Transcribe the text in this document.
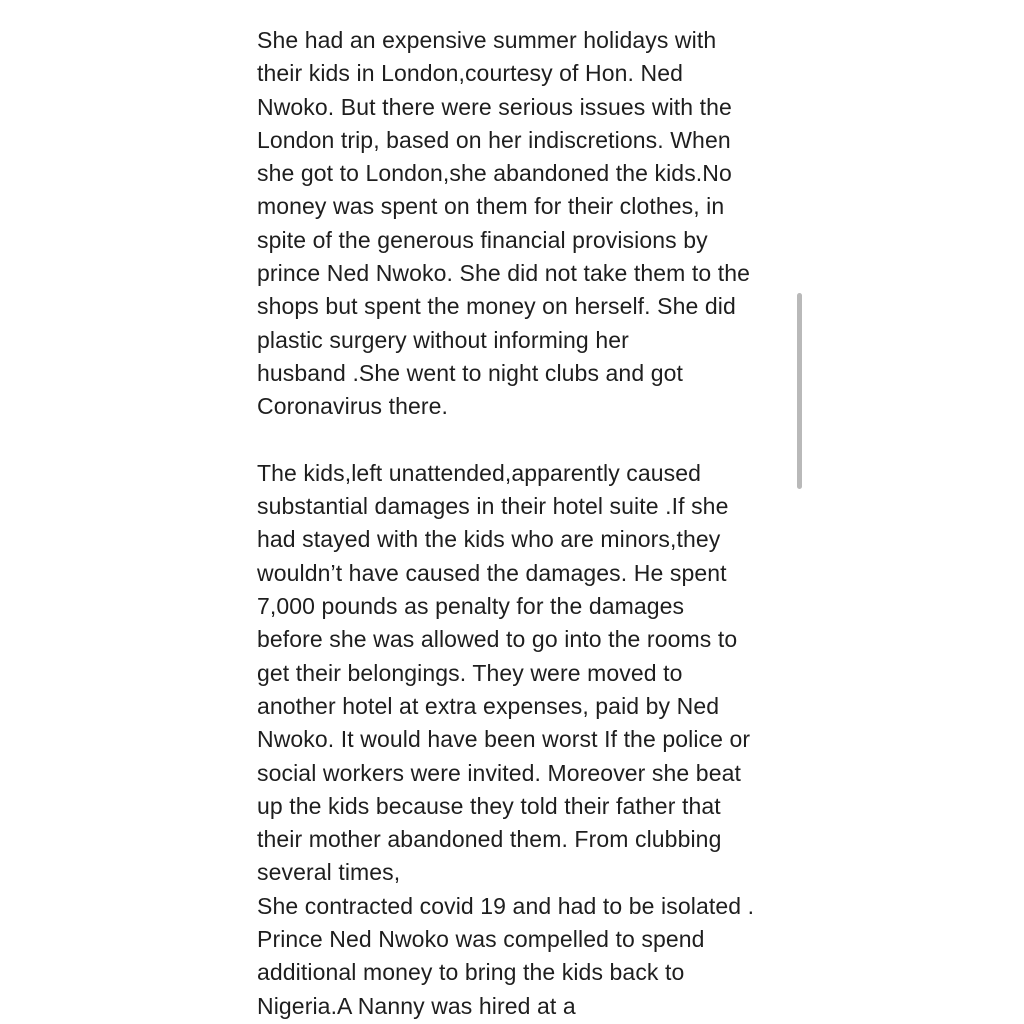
She had an expensive summer holidays with
their kids in London,courtesy of Hon. Ned
Nwoko. But there were serious issues with the
London trip, based on her indiscretions. When
she got to London,she abandoned the kids.No
money was spent on them for their clothes, in
spite of the generous financial provisions by
prince Ned Nwoko. She did not take them to the
shops but spent the money on herself. She did
plastic surgery without informing her
husband .She went to night clubs and got
Coronavirus there.
The kids,left unattended,apparently caused
substantial damages in their hotel suite .If she
had stayed with the kids who are minors,they
wouldn’t have caused the damages. He spent
7,000 pounds as penalty for the damages
before she was allowed to go into the rooms to
get their belongings. They were moved to
another hotel at extra expenses, paid by Ned
Nwoko. It would have been worst If the police or
social workers were invited. Moreover she beat
up the kids because they told their father that
their mother abandoned them. From clubbing
several times,
She contracted covid 19 and had to be isolated .
Prince Ned Nwoko was compelled to spend
additional money to bring the kids back to
Nigeria.A Nanny was hired at a
